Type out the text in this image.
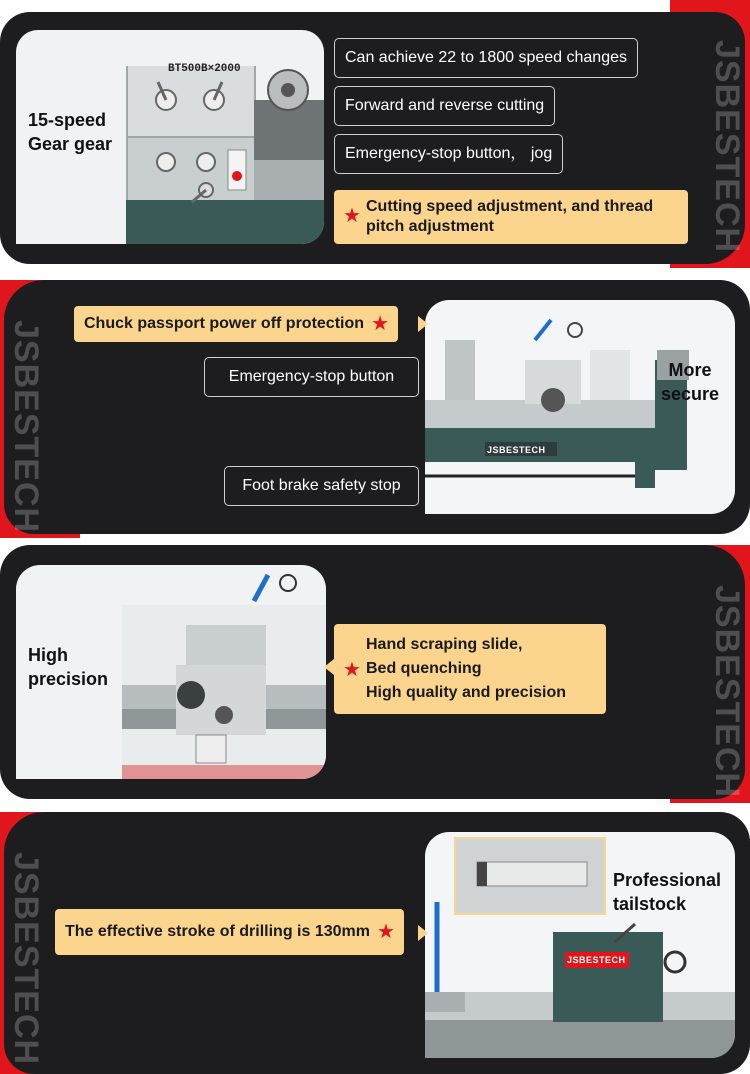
JSBESTECH
BT500B×2000
15-speed
Gear gear
Can achieve 22 to 1800 speed changes
Forward and reverse cutting
Emergency-stop button， jog
★ Cutting speed adjustment, and thread pitch adjustment
JSBESTECH	JSBESTECH
More
secure
Chuck passport power off protection ★
Emergency-stop button
Foot brake safety stop
JSBESTECH
High
precision	★
Hand scraping slide,
Bed quenching
High quality and precision
JSBESTECH	JSBESTECH
Professional
tailstock
The effective stroke of drilling is 130mm ★
